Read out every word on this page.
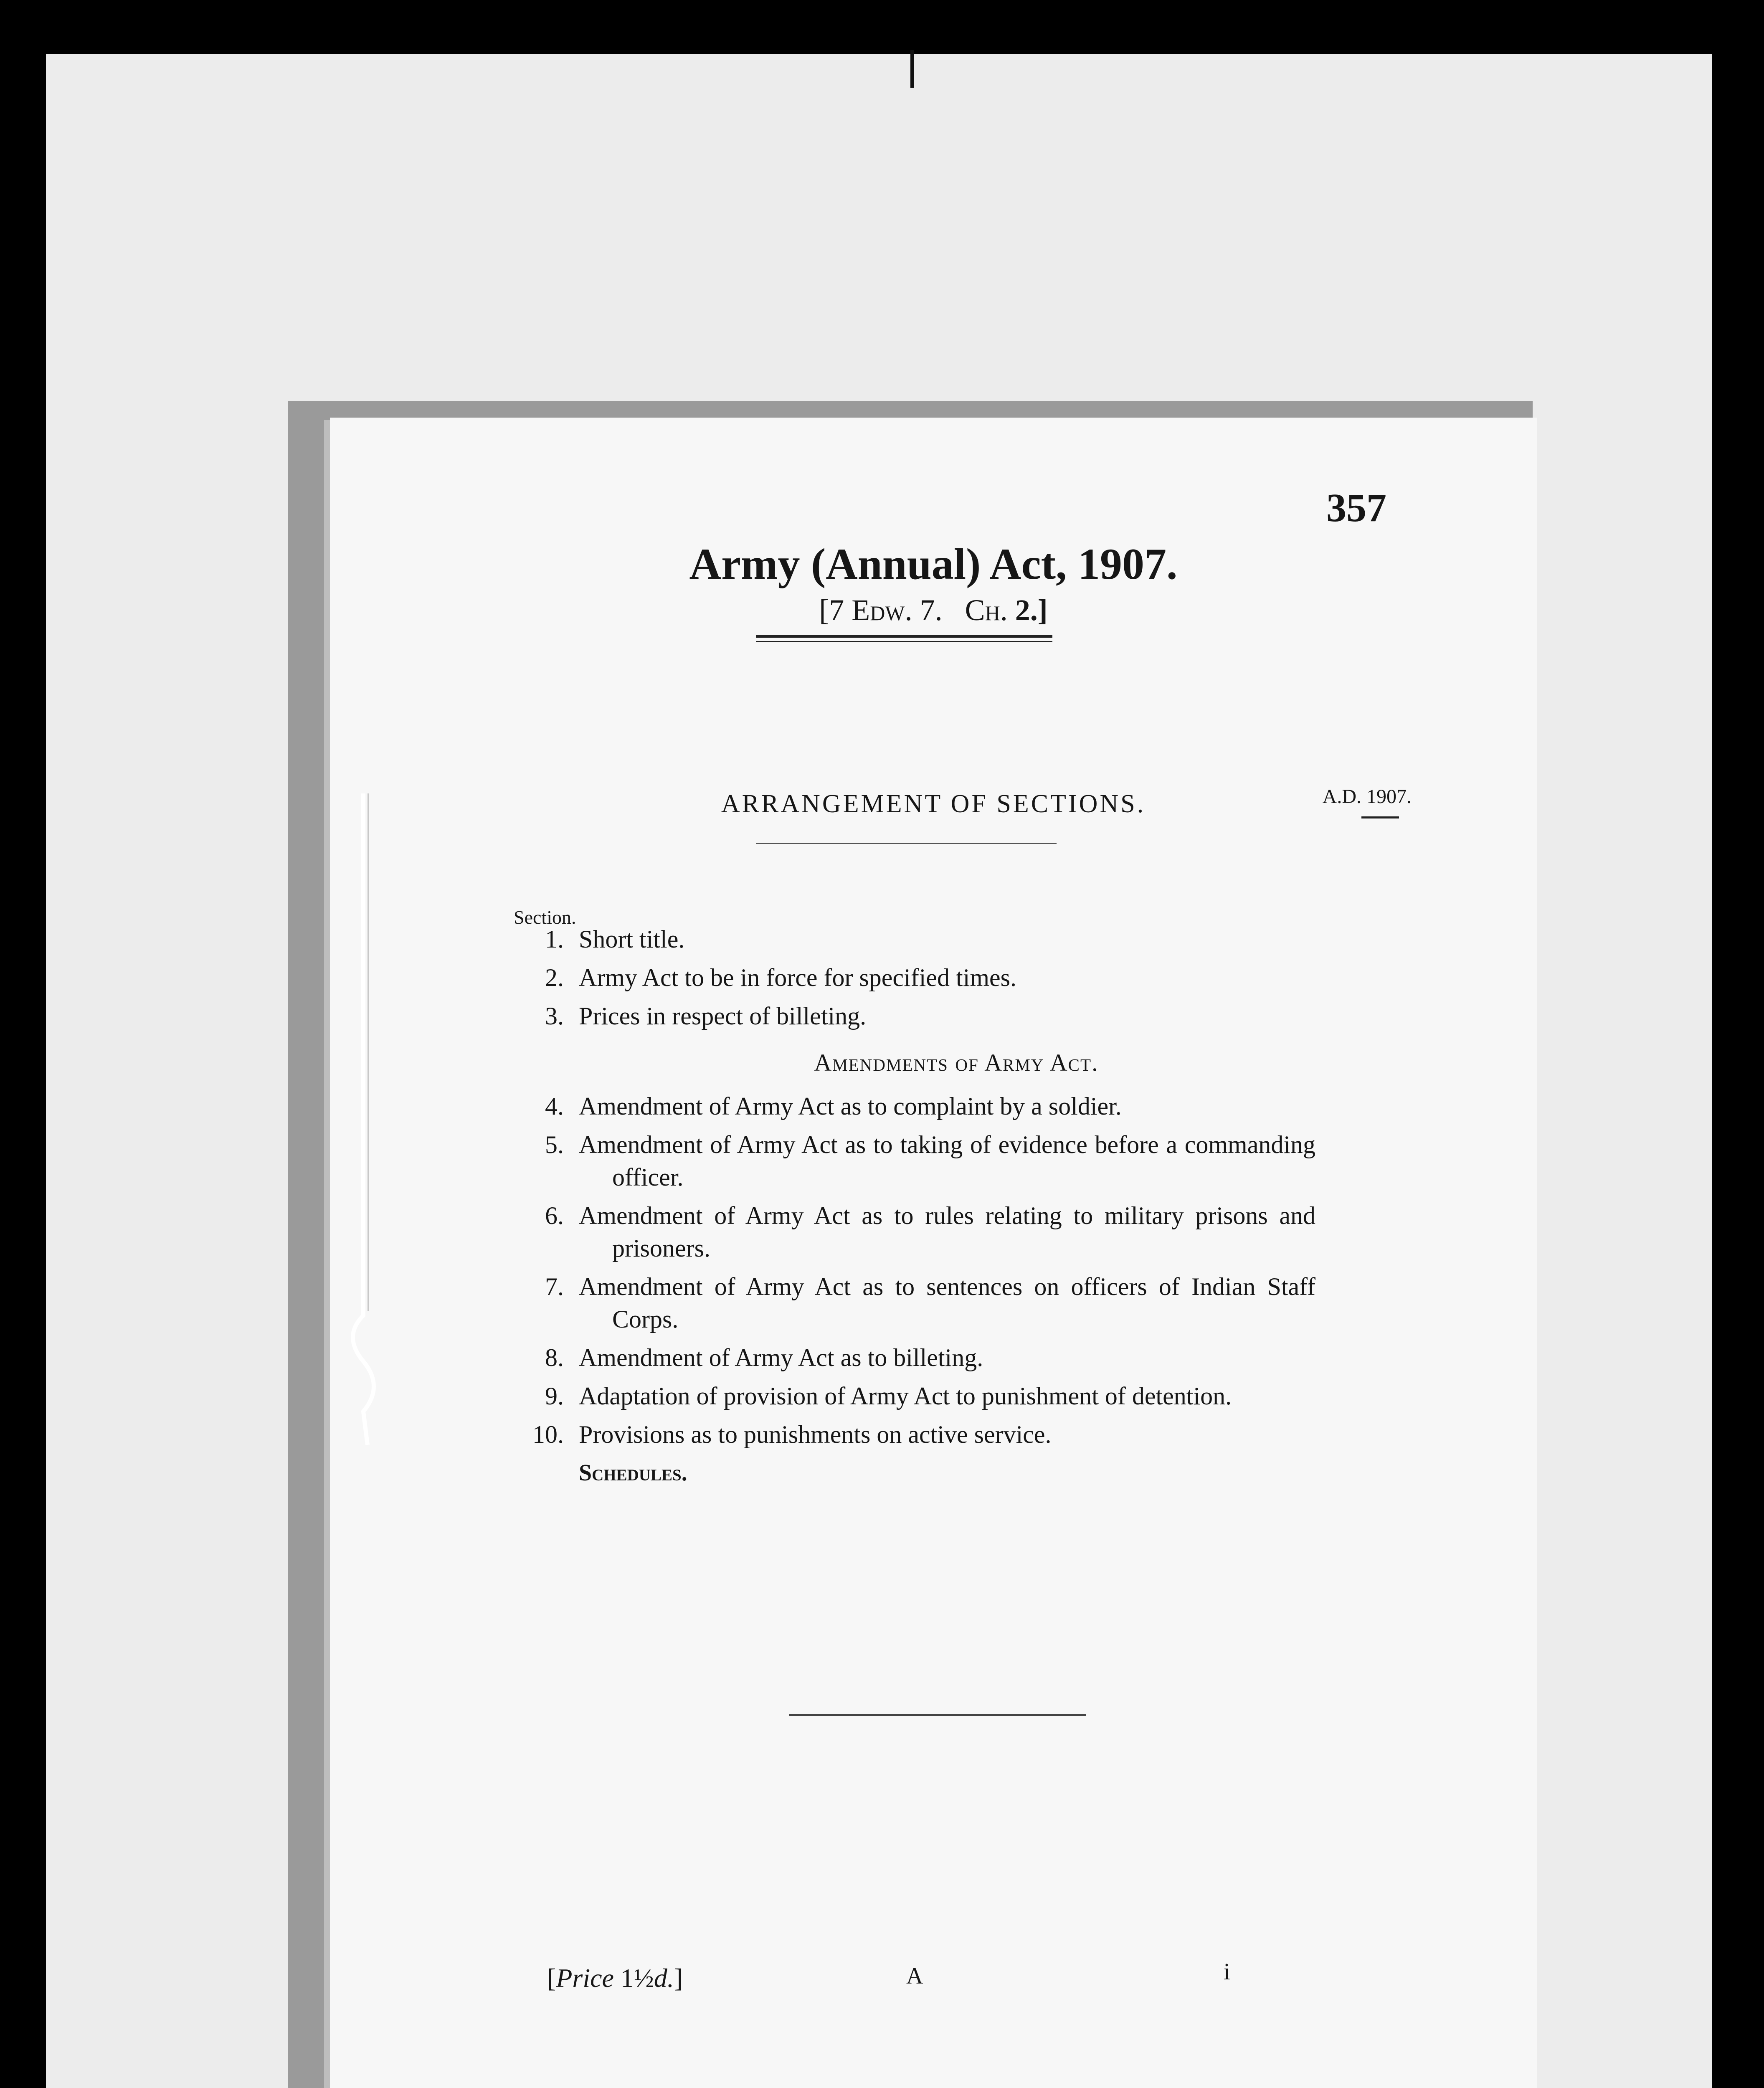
357
Army (Annual) Act, 1907.
[7 Edw. 7.   Ch. 2.]
ARRANGEMENT OF SECTIONS.	A.D. 1907.
Section.
1. Short title.
2. Army Act to be in force for specified times.
3. Prices in respect of billeting.
Amendments of Army Act.
4. Amendment of Army Act as to complaint by a soldier.
5. Amendment of Army Act as to taking of evidence before a commanding officer.
6. Amendment of Army Act as to rules relating to military prisons and prisoners.
7. Amendment of Army Act as to sentences on officers of Indian Staff Corps.
8. Amendment of Army Act as to billeting.
9. Adaptation of provision of Army Act to punishment of detention.
10. Provisions as to punishments on active service.
Schedules.
[Price 1½d.]	A	i
